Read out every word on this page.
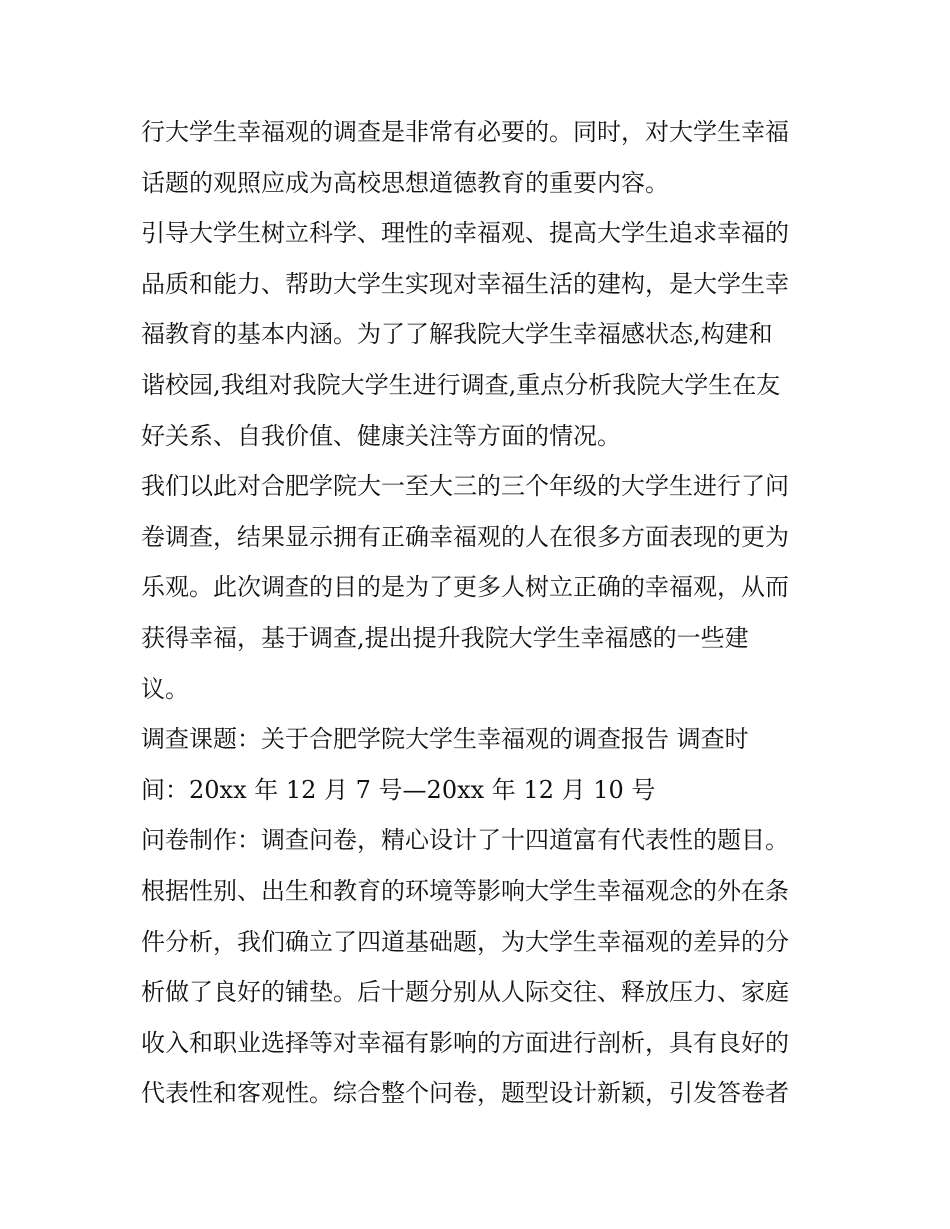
行大学生幸福观的调查是非常有必要的。同时，对大学生幸福
话题的观照应成为高校思想道德教育的重要内容。
引导大学生树立科学、理性的幸福观、提高大学生追求幸福的
品质和能力、帮助大学生实现对幸福生活的建构，是大学生幸
福教育的基本内涵。为了了解我院大学生幸福感状态,构建和
谐校园,我组对我院大学生进行调查,重点分析我院大学生在友
好关系、自我价值、健康关注等方面的情况。
我们以此对合肥学院大一至大三的三个年级的大学生进行了问
卷调查，结果显示拥有正确幸福观的人在很多方面表现的更为
乐观。此次调查的目的是为了更多人树立正确的幸福观，从而
获得幸福，基于调查,提出提升我院大学生幸福感的一些建
议。
调查课题：关于合肥学院大学生幸福观的调查报告 调查时
间：20xx 年 12 月 7 号—20xx 年 12 月 10 号
问卷制作：调查问卷，精心设计了十四道富有代表性的题目。
根据性别、出生和教育的环境等影响大学生幸福观念的外在条
件分析，我们确立了四道基础题，为大学生幸福观的差异的分
析做了良好的铺垫。后十题分别从人际交往、释放压力、家庭
收入和职业选择等对幸福有影响的方面进行剖析，具有良好的
代表性和客观性。综合整个问卷，题型设计新颖，引发答卷者
